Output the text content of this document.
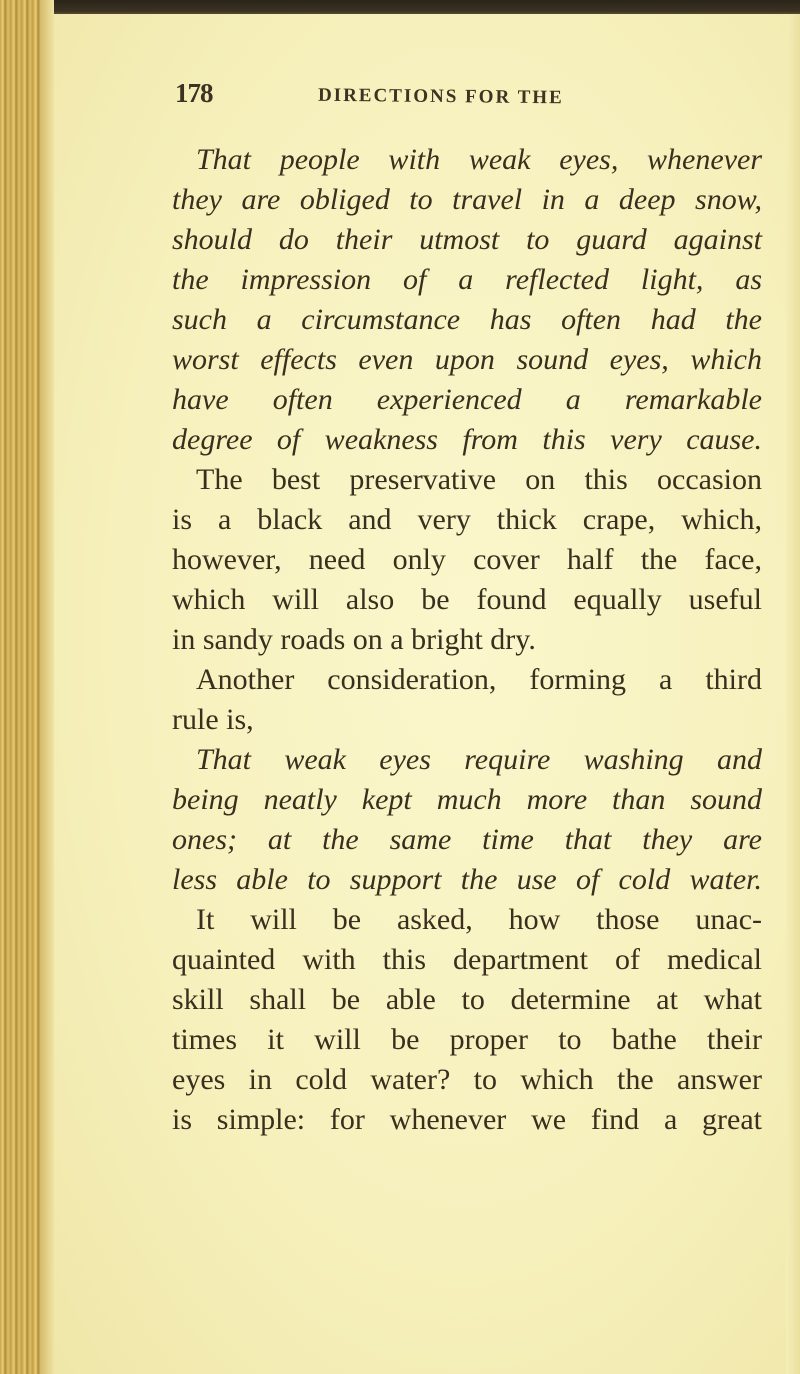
178	DIRECTIONS FOR THE
That people with weak eyes, whenever
they are obliged to travel in a deep snow,
should do their utmost to guard against
the impression of a reflected light, as
such a circumstance has often had the
worst effects even upon sound eyes, which
have often experienced a remarkable
degree of weakness from this very cause.
The best preservative on this occasion
is a black and very thick crape, which,
however, need only cover half the face,
which will also be found equally useful
in sandy roads on a bright dry.
Another consideration, forming a third
rule is,
That weak eyes require washing and
being neatly kept much more than sound
ones; at the same time that they are
less able to support the use of cold water.
It will be asked, how those unac-
quainted with this department of medical
skill shall be able to determine at what
times it will be proper to bathe their
eyes in cold water? to which the answer
is simple: for whenever we find a great
